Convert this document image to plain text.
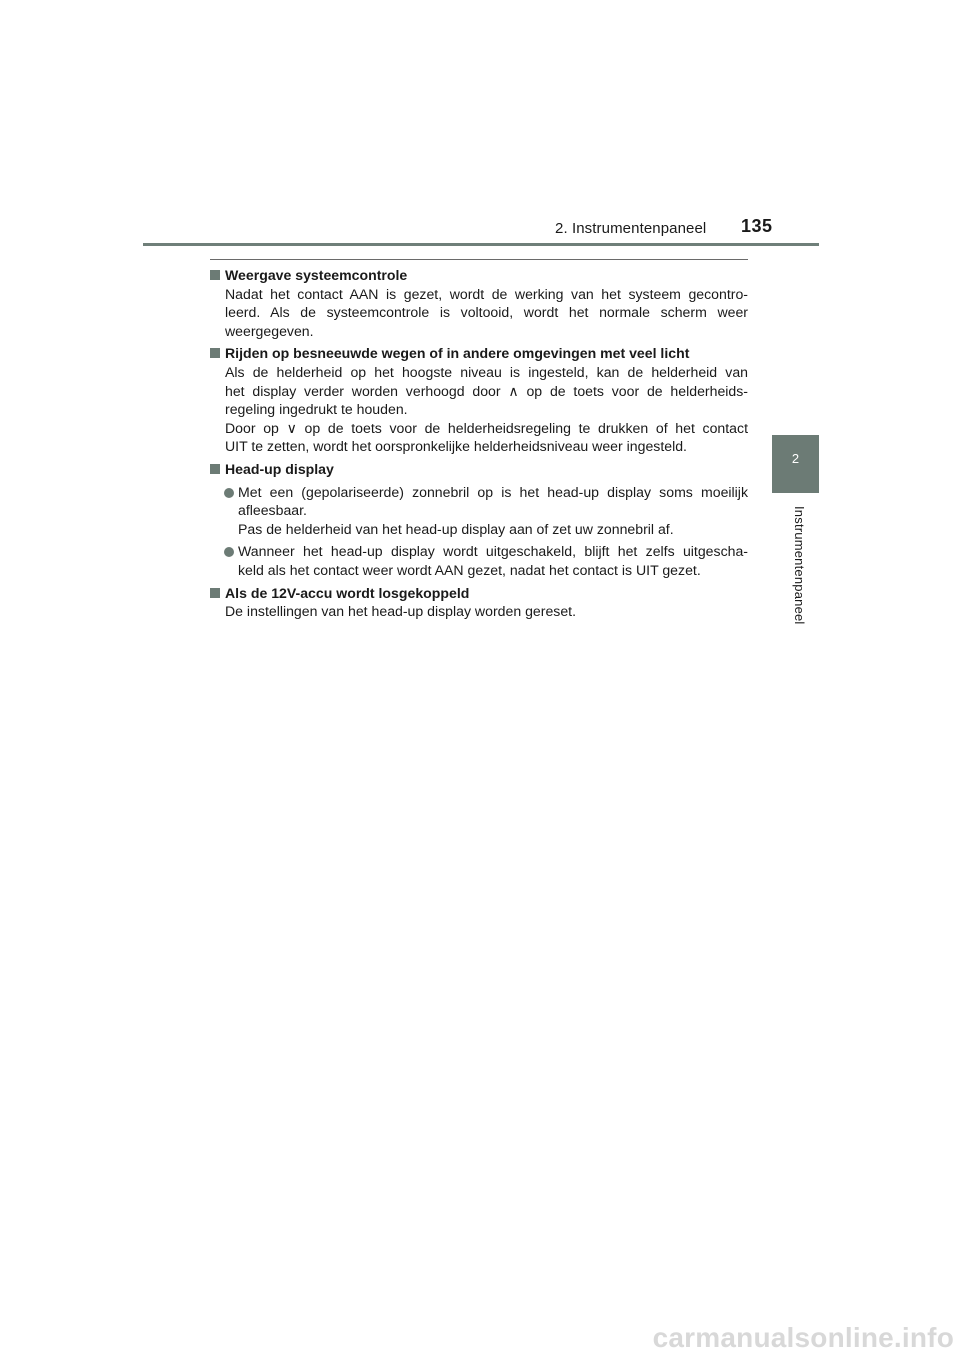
2. Instrumentenpaneel 135
2
Instrumentenpaneel
Weergave systeemcontrole
Nadat het contact AAN is gezet, wordt de werking van het systeem gecontro-
leerd. Als de systeemcontrole is voltooid, wordt het normale scherm weer
weergegeven.
Rijden op besneeuwde wegen of in andere omgevingen met veel licht
Als de helderheid op het hoogste niveau is ingesteld, kan de helderheid van
het display verder worden verhoogd door ∧ op de toets voor de helderheids-
regeling ingedrukt te houden.
Door op ∨ op de toets voor de helderheidsregeling te drukken of het contact
UIT te zetten, wordt het oorspronkelijke helderheidsniveau weer ingesteld.
Head-up display
Met een (gepolariseerde) zonnebril op is het head-up display soms moeilijk
afleesbaar.
Pas de helderheid van het head-up display aan of zet uw zonnebril af.
Wanneer het head-up display wordt uitgeschakeld, blijft het zelfs uitgescha-
keld als het contact weer wordt AAN gezet, nadat het contact is UIT gezet.
Als de 12V-accu wordt losgekoppeld
De instellingen van het head-up display worden gereset.
carmanualsonline.info
